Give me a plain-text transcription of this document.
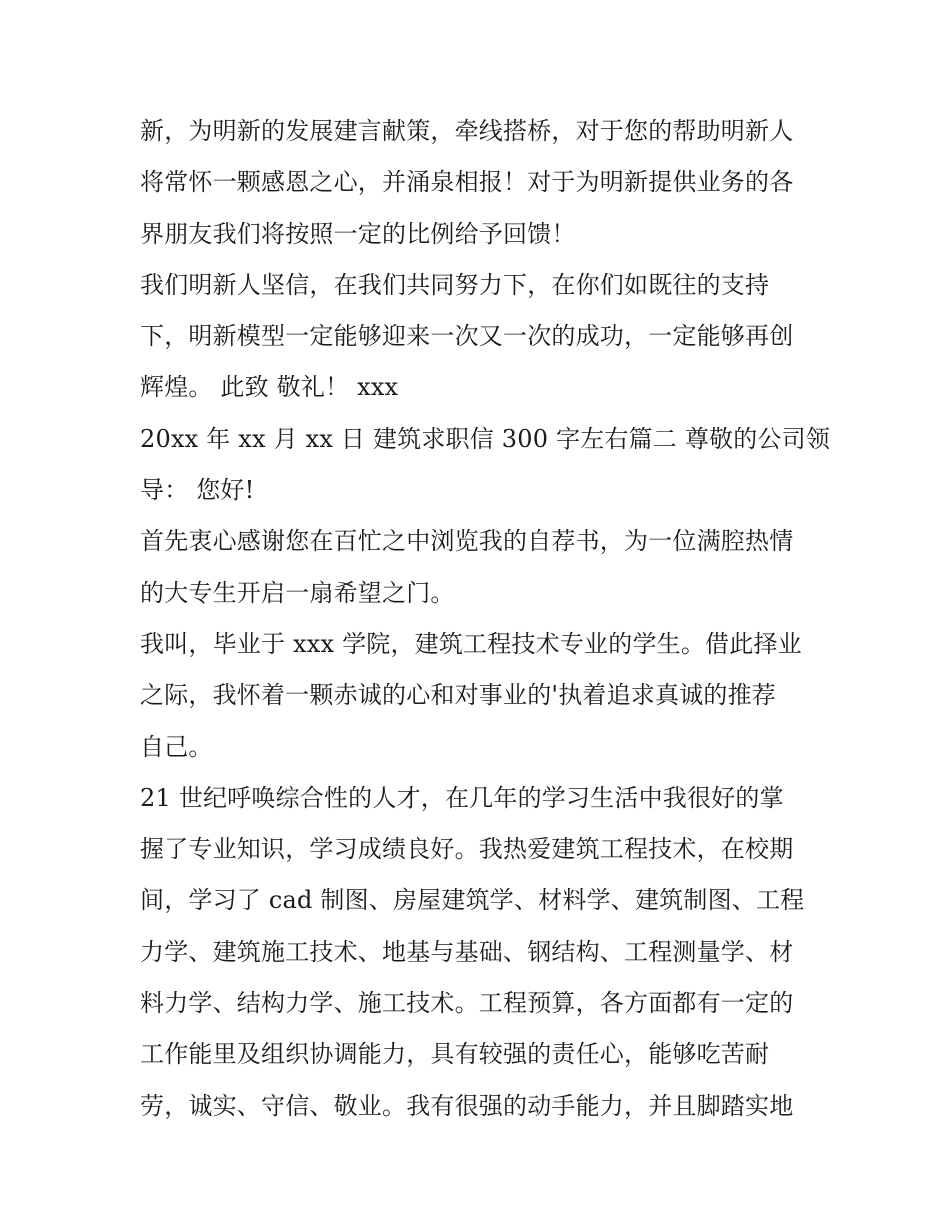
新，为明新的发展建言献策，牵线搭桥，对于您的帮助明新人
将常怀一颗感恩之心，并涌泉相报！对于为明新提供业务的各
界朋友我们将按照一定的比例给予回馈！
我们明新人坚信，在我们共同努力下，在你们如既往的支持
下，明新模型一定能够迎来一次又一次的成功，一定能够再创
辉煌。 此致 敬礼！ xxx
20xx 年 xx 月 xx 日 建筑求职信 300 字左右篇二 尊敬的公司领
导： 您好!
首先衷心感谢您在百忙之中浏览我的自荐书，为一位满腔热情
的大专生开启一扇希望之门。
我叫，毕业于 xxx 学院，建筑工程技术专业的学生。借此择业
之际，我怀着一颗赤诚的心和对事业的'执着追求真诚的推荐
自己。
21 世纪呼唤综合性的人才，在几年的学习生活中我很好的掌
握了专业知识，学习成绩良好。我热爱建筑工程技术，在校期
间，学习了 cad 制图、房屋建筑学、材料学、建筑制图、工程
力学、建筑施工技术、地基与基础、钢结构、工程测量学、材
料力学、结构力学、施工技术。工程预算，各方面都有一定的
工作能里及组织协调能力，具有较强的责任心，能够吃苦耐
劳，诚实、守信、敬业。我有很强的动手能力，并且脚踏实地
